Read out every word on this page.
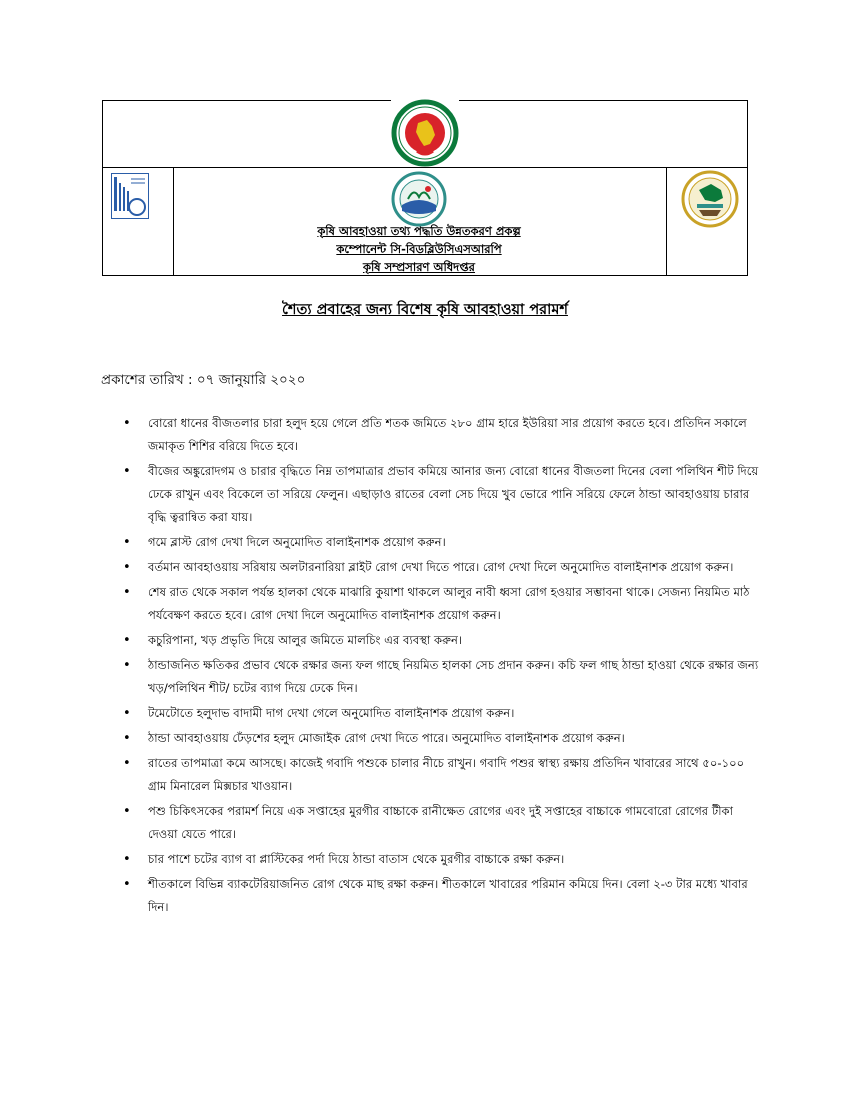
কৃষি আবহাওয়া তথ্য পদ্ধতি উন্নতকরণ প্রকল্প
কম্পোনেন্ট সি-বিডব্লিউসিএসআরপি
কৃষি সম্প্রসারণ অধিদপ্তর
শৈত্য প্রবাহের জন্য বিশেষ কৃষি আবহাওয়া পরামর্শ
প্রকাশের তারিখ : ০৭ জানুয়ারি ২০২০
• বোরো ধানের বীজতলার চারা হলুদ হয়ে গেলে প্রতি শতক জমিতে ২৮০ গ্রাম হারে ইউরিয়া সার প্রয়োগ করতে হবে। প্রতিদিন সকালে জমাকৃত শিশির বরিয়ে দিতে হবে।
• বীজের অঙ্কুরোদগম ও চারার বৃদ্ধিতে নিম্ন তাপমাত্রার প্রভাব কমিয়ে আনার জন্য বোরো ধানের বীজতলা দিনের বেলা পলিথিন শীট দিয়ে ঢেকে রাখুন এবং বিকেলে তা সরিয়ে ফেলুন। এছাড়াও রাতের বেলা সেচ দিয়ে খুব ভোরে পানি সরিয়ে ফেলে ঠান্ডা আবহাওয়ায় চারার বৃদ্ধি ত্বরান্বিত করা যায়।
• গমে ব্লাস্ট রোগ দেখা দিলে অনুমোদিত বালাইনাশক প্রয়োগ করুন।
• বর্তমান আবহাওয়ায় সরিষায় অলটারনারিয়া ব্লাইট রোগ দেখা দিতে পারে। রোগ দেখা দিলে অনুমোদিত বালাইনাশক প্রয়োগ করুন।
• শেষ রাত থেকে সকাল পর্যন্ত হালকা থেকে মাঝারি কুয়াশা থাকলে আলুর নাবী ধ্বসা রোগ হওয়ার সম্ভাবনা থাকে। সেজন্য নিয়মিত মাঠ পর্যবেক্ষণ করতে হবে। রোগ দেখা দিলে অনুমোদিত বালাইনাশক প্রয়োগ করুন।
• কচুরিপানা, খড় প্রভৃতি দিয়ে আলুর জমিতে মালচিং এর ব্যবস্থা করুন।
• ঠান্ডাজনিত ক্ষতিকর প্রভাব থেকে রক্ষার জন্য ফল গাছে নিয়মিত হালকা সেচ প্রদান করুন। কচি ফল গাছ ঠান্ডা হাওয়া থেকে রক্ষার জন্য খড়/পলিথিন শীট/ চটের ব্যাগ দিয়ে ঢেকে দিন।
• টমেটোতে হলুদাভ বাদামী দাগ দেখা গেলে অনুমোদিত বালাইনাশক প্রয়োগ করুন।
• ঠান্ডা আবহাওয়ায় ঢেঁড়শের হলুদ মোজাইক রোগ দেখা দিতে পারে। অনুমোদিত বালাইনাশক প্রয়োগ করুন।
• রাতের তাপমাত্রা কমে আসছে। কাজেই গবাদি পশুকে চালার নীচে রাখুন। গবাদি পশুর স্বাস্থ্য রক্ষায় প্রতিদিন খাবারের সাথে ৫০-১০০ গ্রাম মিনারেল মিক্সচার খাওয়ান।
• পশু চিকিৎসকের পরামর্শ নিয়ে এক সপ্তাহের মুরগীর বাচ্চাকে রানীক্ষেত রোগের এবং দুই সপ্তাহের বাচ্চাকে গামবোরো রোগের টীকা দেওয়া যেতে পারে।
• চার পাশে চটের ব্যাগ বা প্লাস্টিকের পর্দা দিয়ে ঠান্ডা বাতাস থেকে মুরগীর বাচ্চাকে রক্ষা করুন।
• শীতকালে বিভিন্ন ব্যাকটেরিয়াজনিত রোগ থেকে মাছ রক্ষা করুন। শীতকালে খাবারের পরিমান কমিয়ে দিন। বেলা ২-৩ টার মধ্যে খাবার দিন।
